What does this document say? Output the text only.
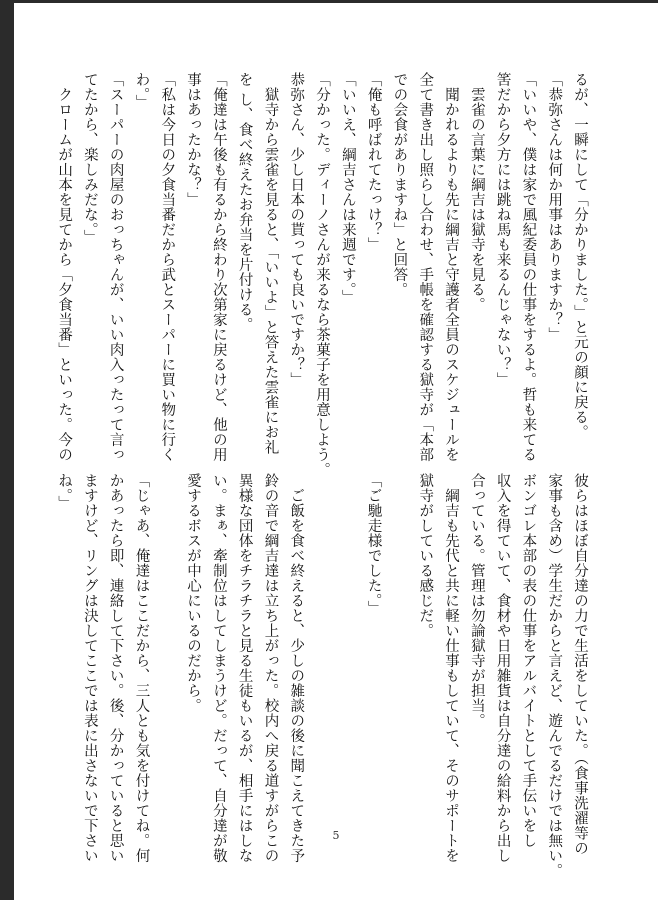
るが、一瞬にして「分かりました。」と元の顔に戻る。
「恭弥さんは何か用事はありますか？」
「いいや、僕は家で風紀委員の仕事をするよ。哲も来てる
筈だから夕方には跳ね馬も来るんじゃない？」
　雲雀の言葉に綱吉は獄寺を見る。
　聞かれるよりも先に綱吉と守護者全員のスケジュールを
全て書き出し照らし合わせ、手帳を確認する獄寺が「本部
での会食がありますね」と回答。
「俺も呼ばれてたっけ？」
「いいえ、綱吉さんは来週です。」
「分かった。ディーノさんが来るなら茶菓子を用意しよう。
恭弥さん、少し日本の貰っても良いですか？」
　獄寺から雲雀を見ると、「いいよ」と答えた雲雀にお礼
を し、食べ終えたお弁当を片付ける。
「俺達は午後も有るから終わり次第家に戻るけど、他の用
事はあったかな？」
「私は今日の夕食当番だから武とスーパーに買い物に行く
わ。」
「スーパーの肉屋のおっちゃんが、いい肉入ったって言っ
てたから、楽しみだな。」
　クロームが山本を見てから「夕食当番」といった。今の
彼らはほぼ自分達の力で生活をしていた。（食事洗濯等の
家事も含め）学生だからと言えど、遊んでるだけでは無い。
ボンゴレ本部の表の仕事をアルバイトとして手伝いをし
収入を得ていて、食材や日用雑貨は自分達の給料から出し
合っている。管理は勿論獄寺が担当。
　綱吉も先代と共に軽い仕事もしていて、そのサポートを
獄寺がしている感じだ。
「ご馳走様でした。」
　ご飯を食べ終えると、少しの雑談の後に聞こえてきた予
鈴の音で綱吉達は立ち上がった。校内へ戻る道すがらこの
異様な団体をチラチラと見る生徒もいるが、相手にはしな
い。まぁ、牽制位はしてしまうけど。だって、自分達が敬
愛するボスが中心にいるのだから。
「じゃあ、俺達はここだから、三人とも気を付けてね。何
かあったら即、連絡して下さい。後、分かっていると思い
ますけど、リングは決してここでは表に出さないで下さい
ね。」
5
